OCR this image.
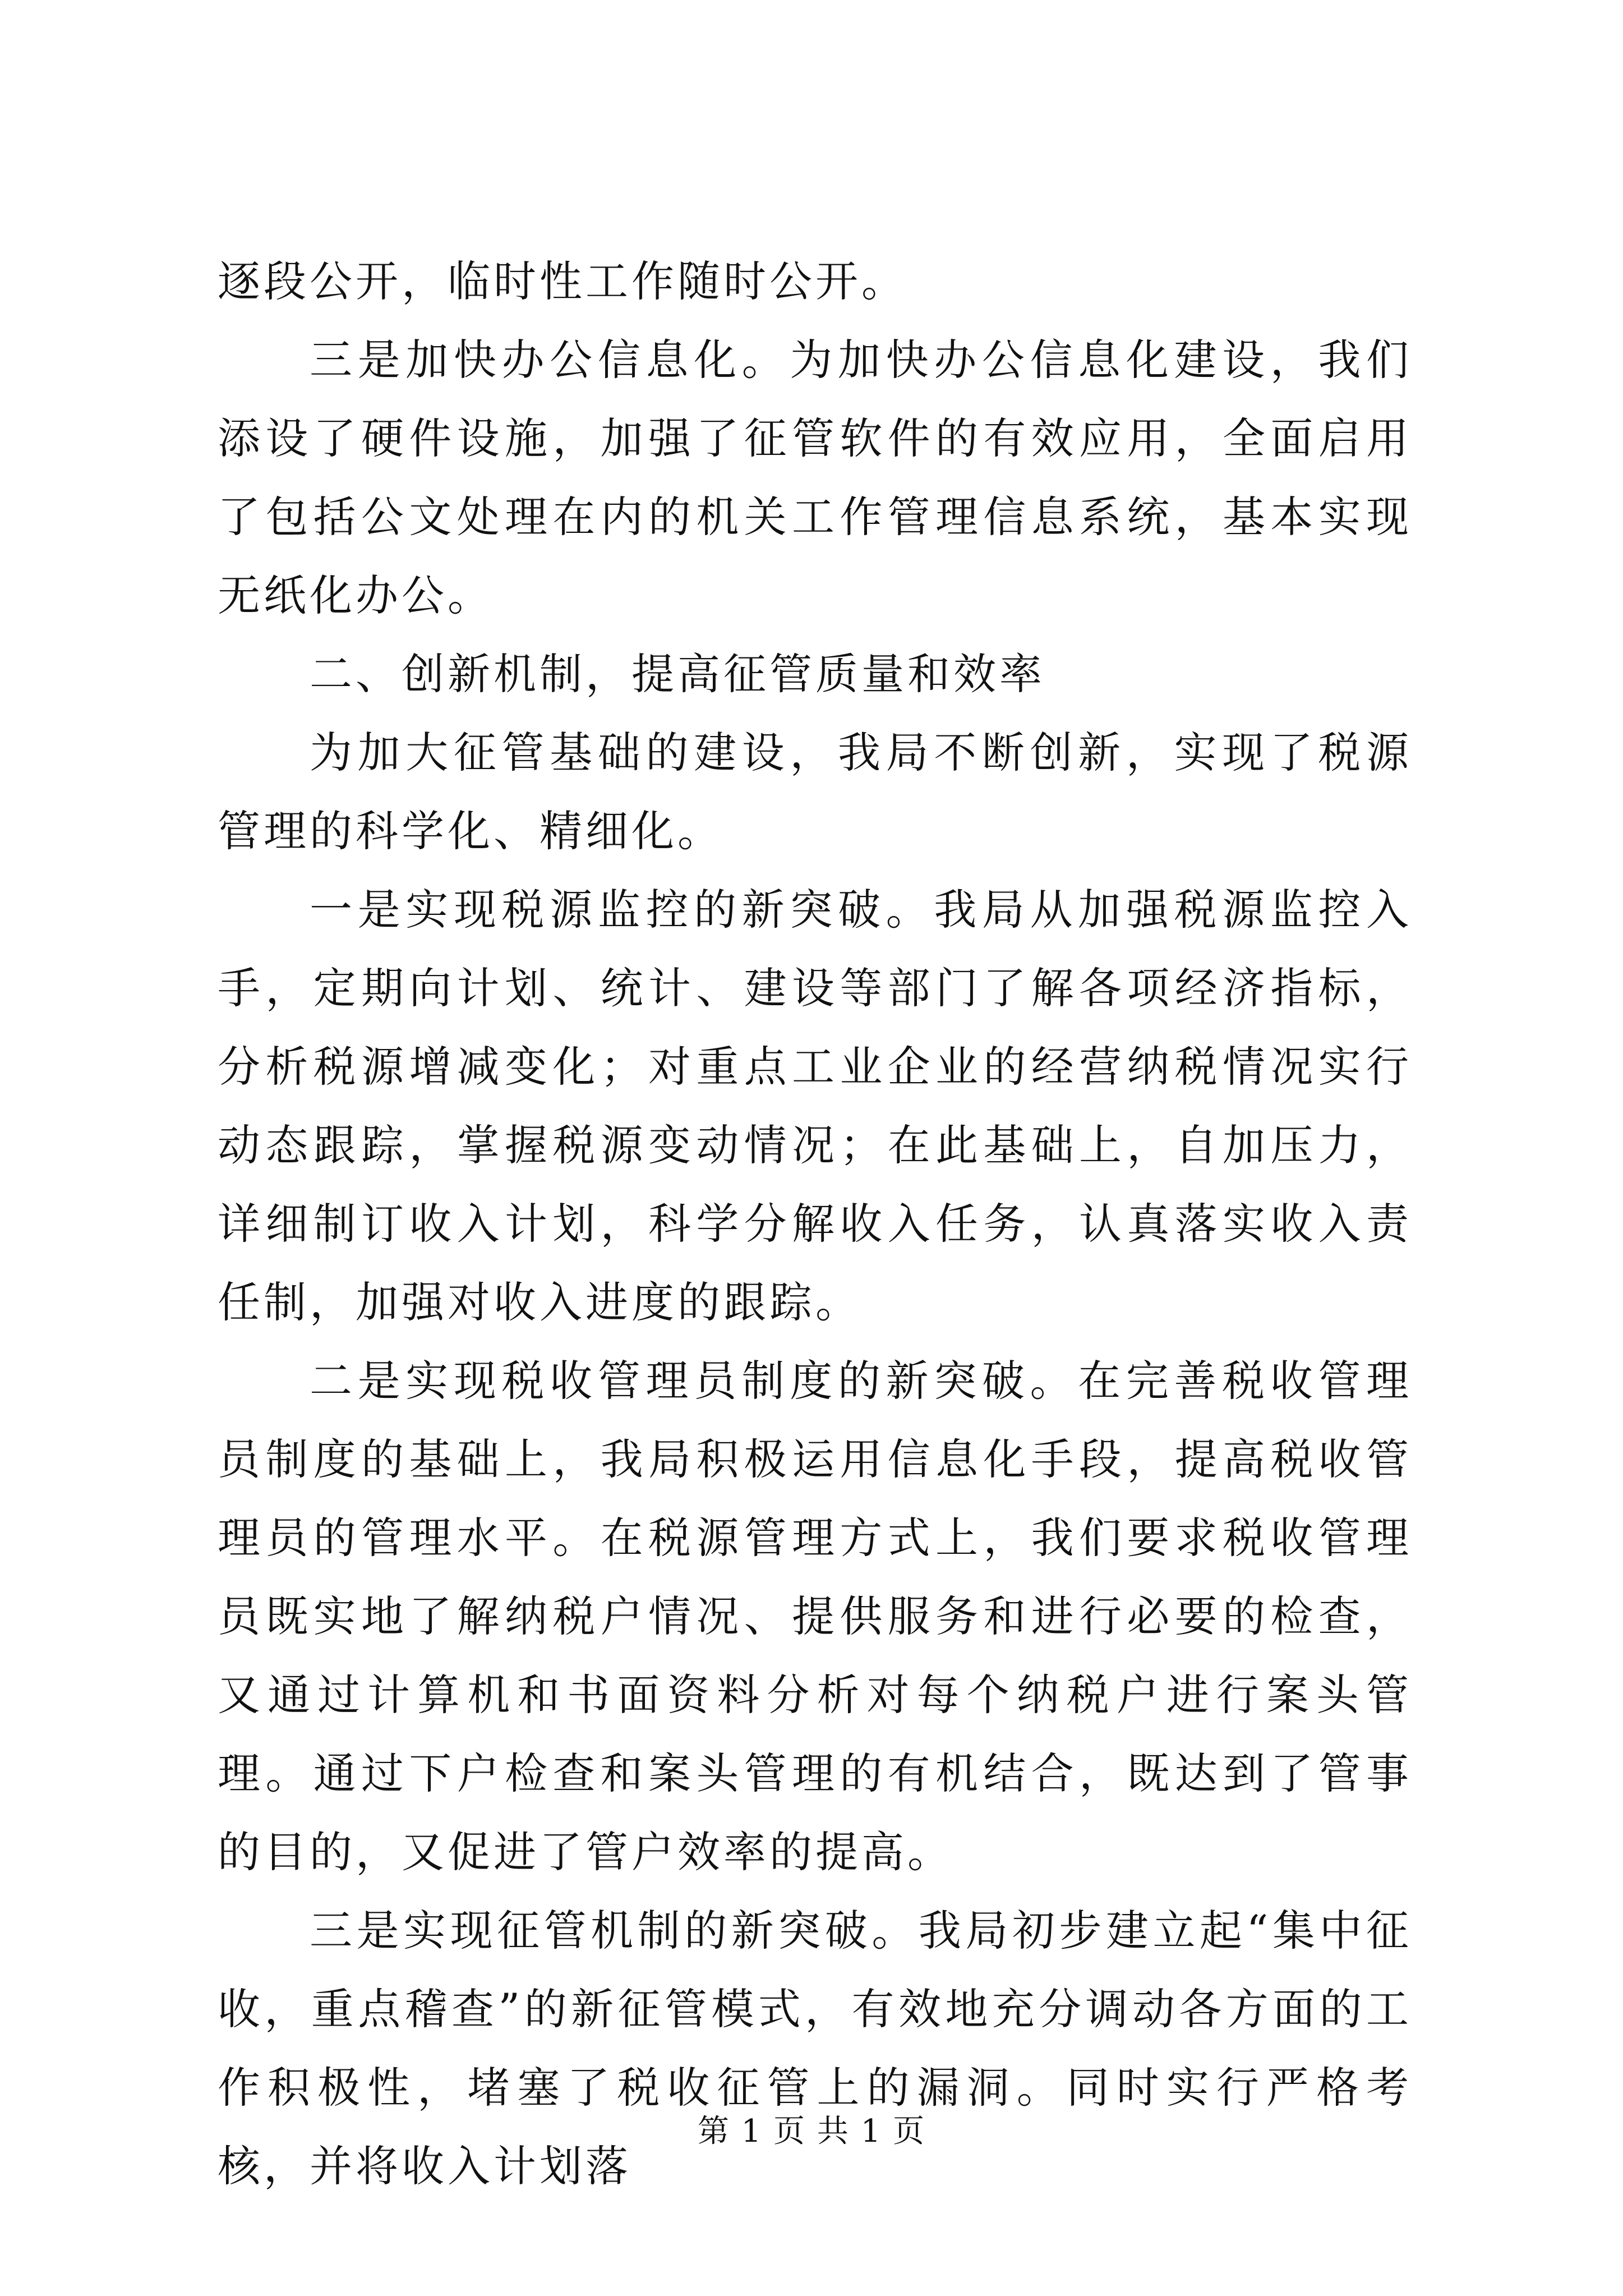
逐段公开，临时性工作随时公开。

三是加快办公信息化。为加快办公信息化建设，我们添设了硬件设施，加强了征管软件的有效应用，全面启用了包括公文处理在内的机关工作管理信息系统，基本实现无纸化办公。

二、创新机制，提高征管质量和效率

为加大征管基础的建设，我局不断创新，实现了税源管理的科学化、精细化。

一是实现税源监控的新突破。我局从加强税源监控入手，定期向计划、统计、建设等部门了解各项经济指标，分析税源增减变化；对重点工业企业的经营纳税情况实行动态跟踪，掌握税源变动情况；在此基础上，自加压力，详细制订收入计划，科学分解收入任务，认真落实收入责任制，加强对收入进度的跟踪。

二是实现税收管理员制度的新突破。在完善税收管理员制度的基础上，我局积极运用信息化手段，提高税收管理员的管理水平。在税源管理方式上，我们要求税收管理员既实地了解纳税户情况、提供服务和进行必要的检查，又通过计算机和书面资料分析对每个纳税户进行案头管理。通过下户检查和案头管理的有机结合，既达到了管事的目的，又促进了管户效率的提高。

三是实现征管机制的新突破。我局初步建立起“集中征收，重点稽查”的新征管模式，有效地充分调动各方面的工作积极性，堵塞了税收征管上的漏洞。同时实行严格考核，并将收入计划落

第 1 页 共 1 页
